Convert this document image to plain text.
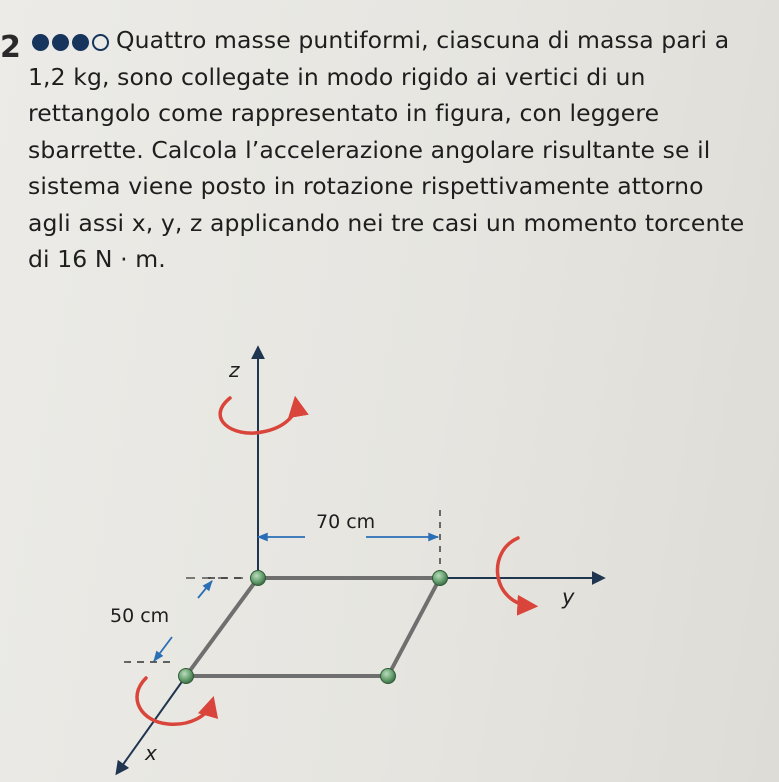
2	Quattro masse puntiformi, ciascuna di massa pari a 1,2 kg, sono collegate in modo rigido ai vertici di un rettangolo come rappresentato in figura, con leggere sbarrette. Calcola l’accelerazione angolare risultante se il sistema viene posto in rotazione rispettivamente attorno agli assi x, y, z applicando nei tre casi un momento torcente di 16 N · m.
z
y
x
70 cm
50 cm
